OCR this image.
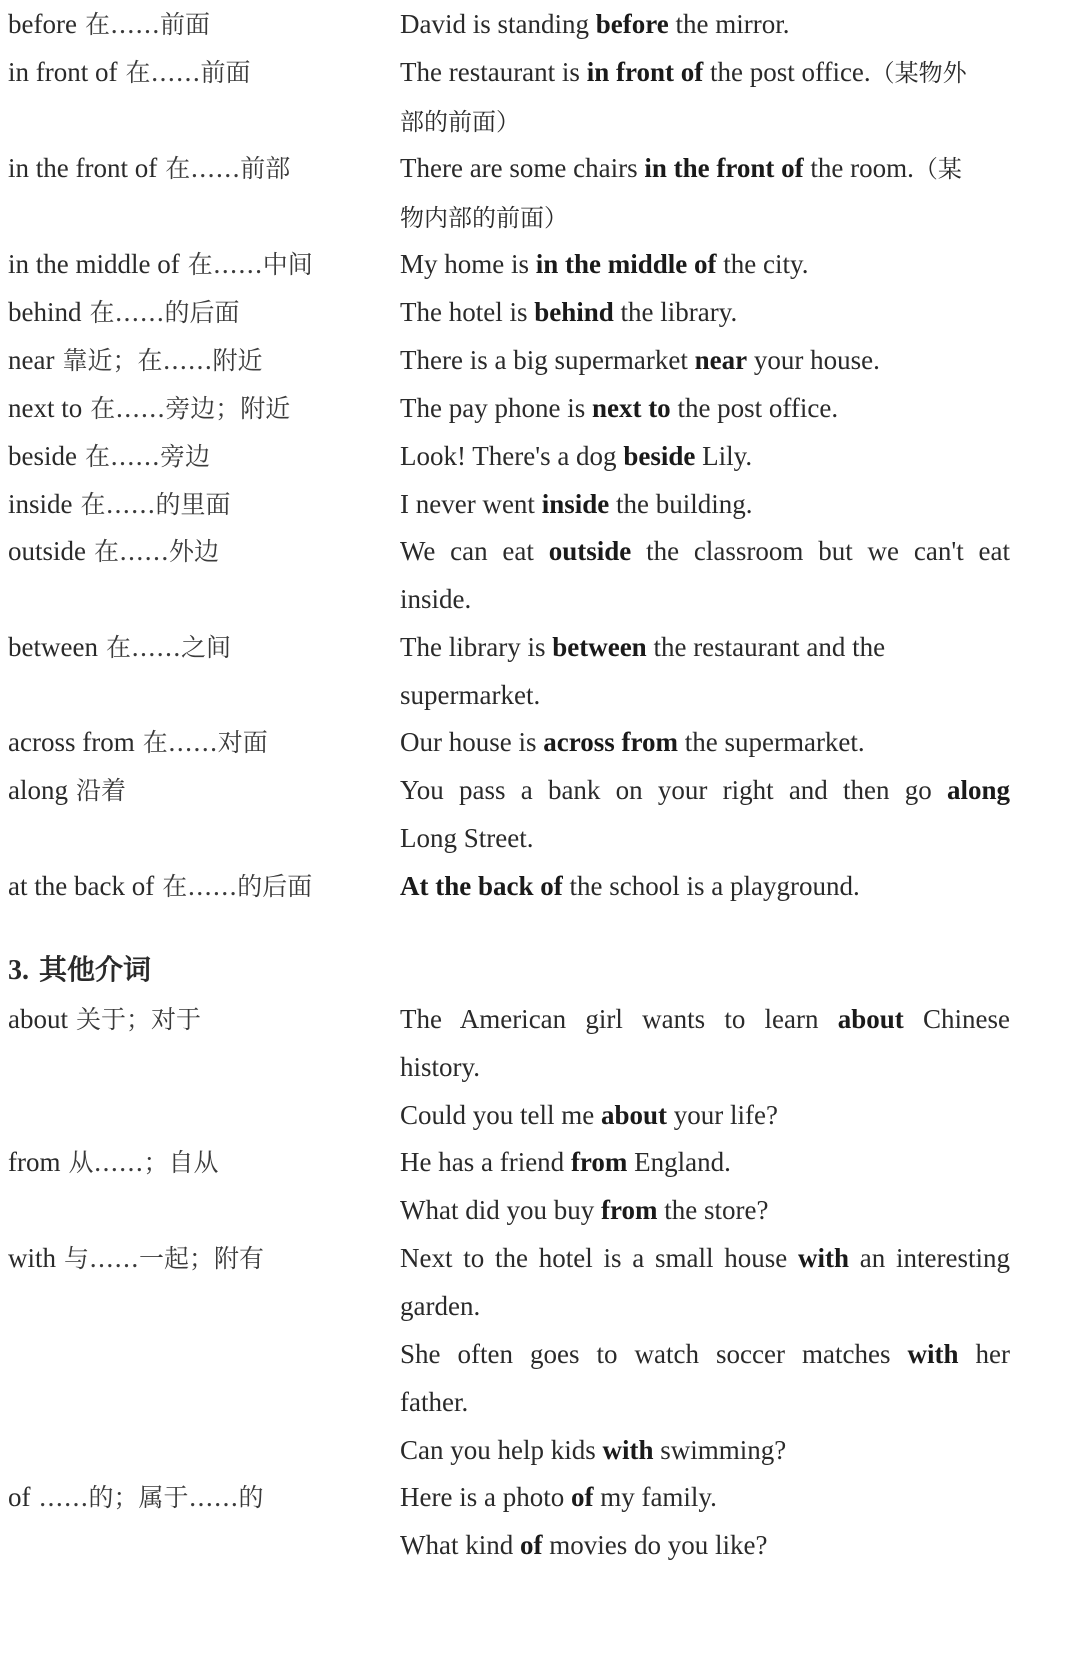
before 在……前面	David is standing before the mirror.
in front of 在……前面	The restaurant is in front of the post office.（某物外
部的前面）
in the front of 在……前部	There are some chairs in the front of the room.（某
物内部的前面）
in the middle of 在……中间	My home is in the middle of the city.
behind 在……的后面	The hotel is behind the library.
near 靠近；在……附近	There is a big supermarket near your house.
next to 在……旁边；附近	The pay phone is next to the post office.
beside 在……旁边	Look! There's a dog beside Lily.
inside 在……的里面	I never went inside the building.
outside 在……外边	We can eat outside the classroom but we can't eat
inside.
between 在……之间	The library is between the restaurant and the
supermarket.
across from 在……对面	Our house is across from the supermarket.
along 沿着	You pass a bank on your right and then go along
Long Street.
at the back of 在……的后面	At the back of the school is a playground.
3. 其他介词
about 关于；对于	The American girl wants to learn about Chinese
history.
Could you tell me about your life?
from 从……；自从	He has a friend from England.
What did you buy from the store?
with 与……一起；附有	Next to the hotel is a small house with an interesting
garden.
She often goes to watch soccer matches with her
father.
Can you help kids with swimming?
of ……的；属于……的	Here is a photo of my family.
What kind of movies do you like?
